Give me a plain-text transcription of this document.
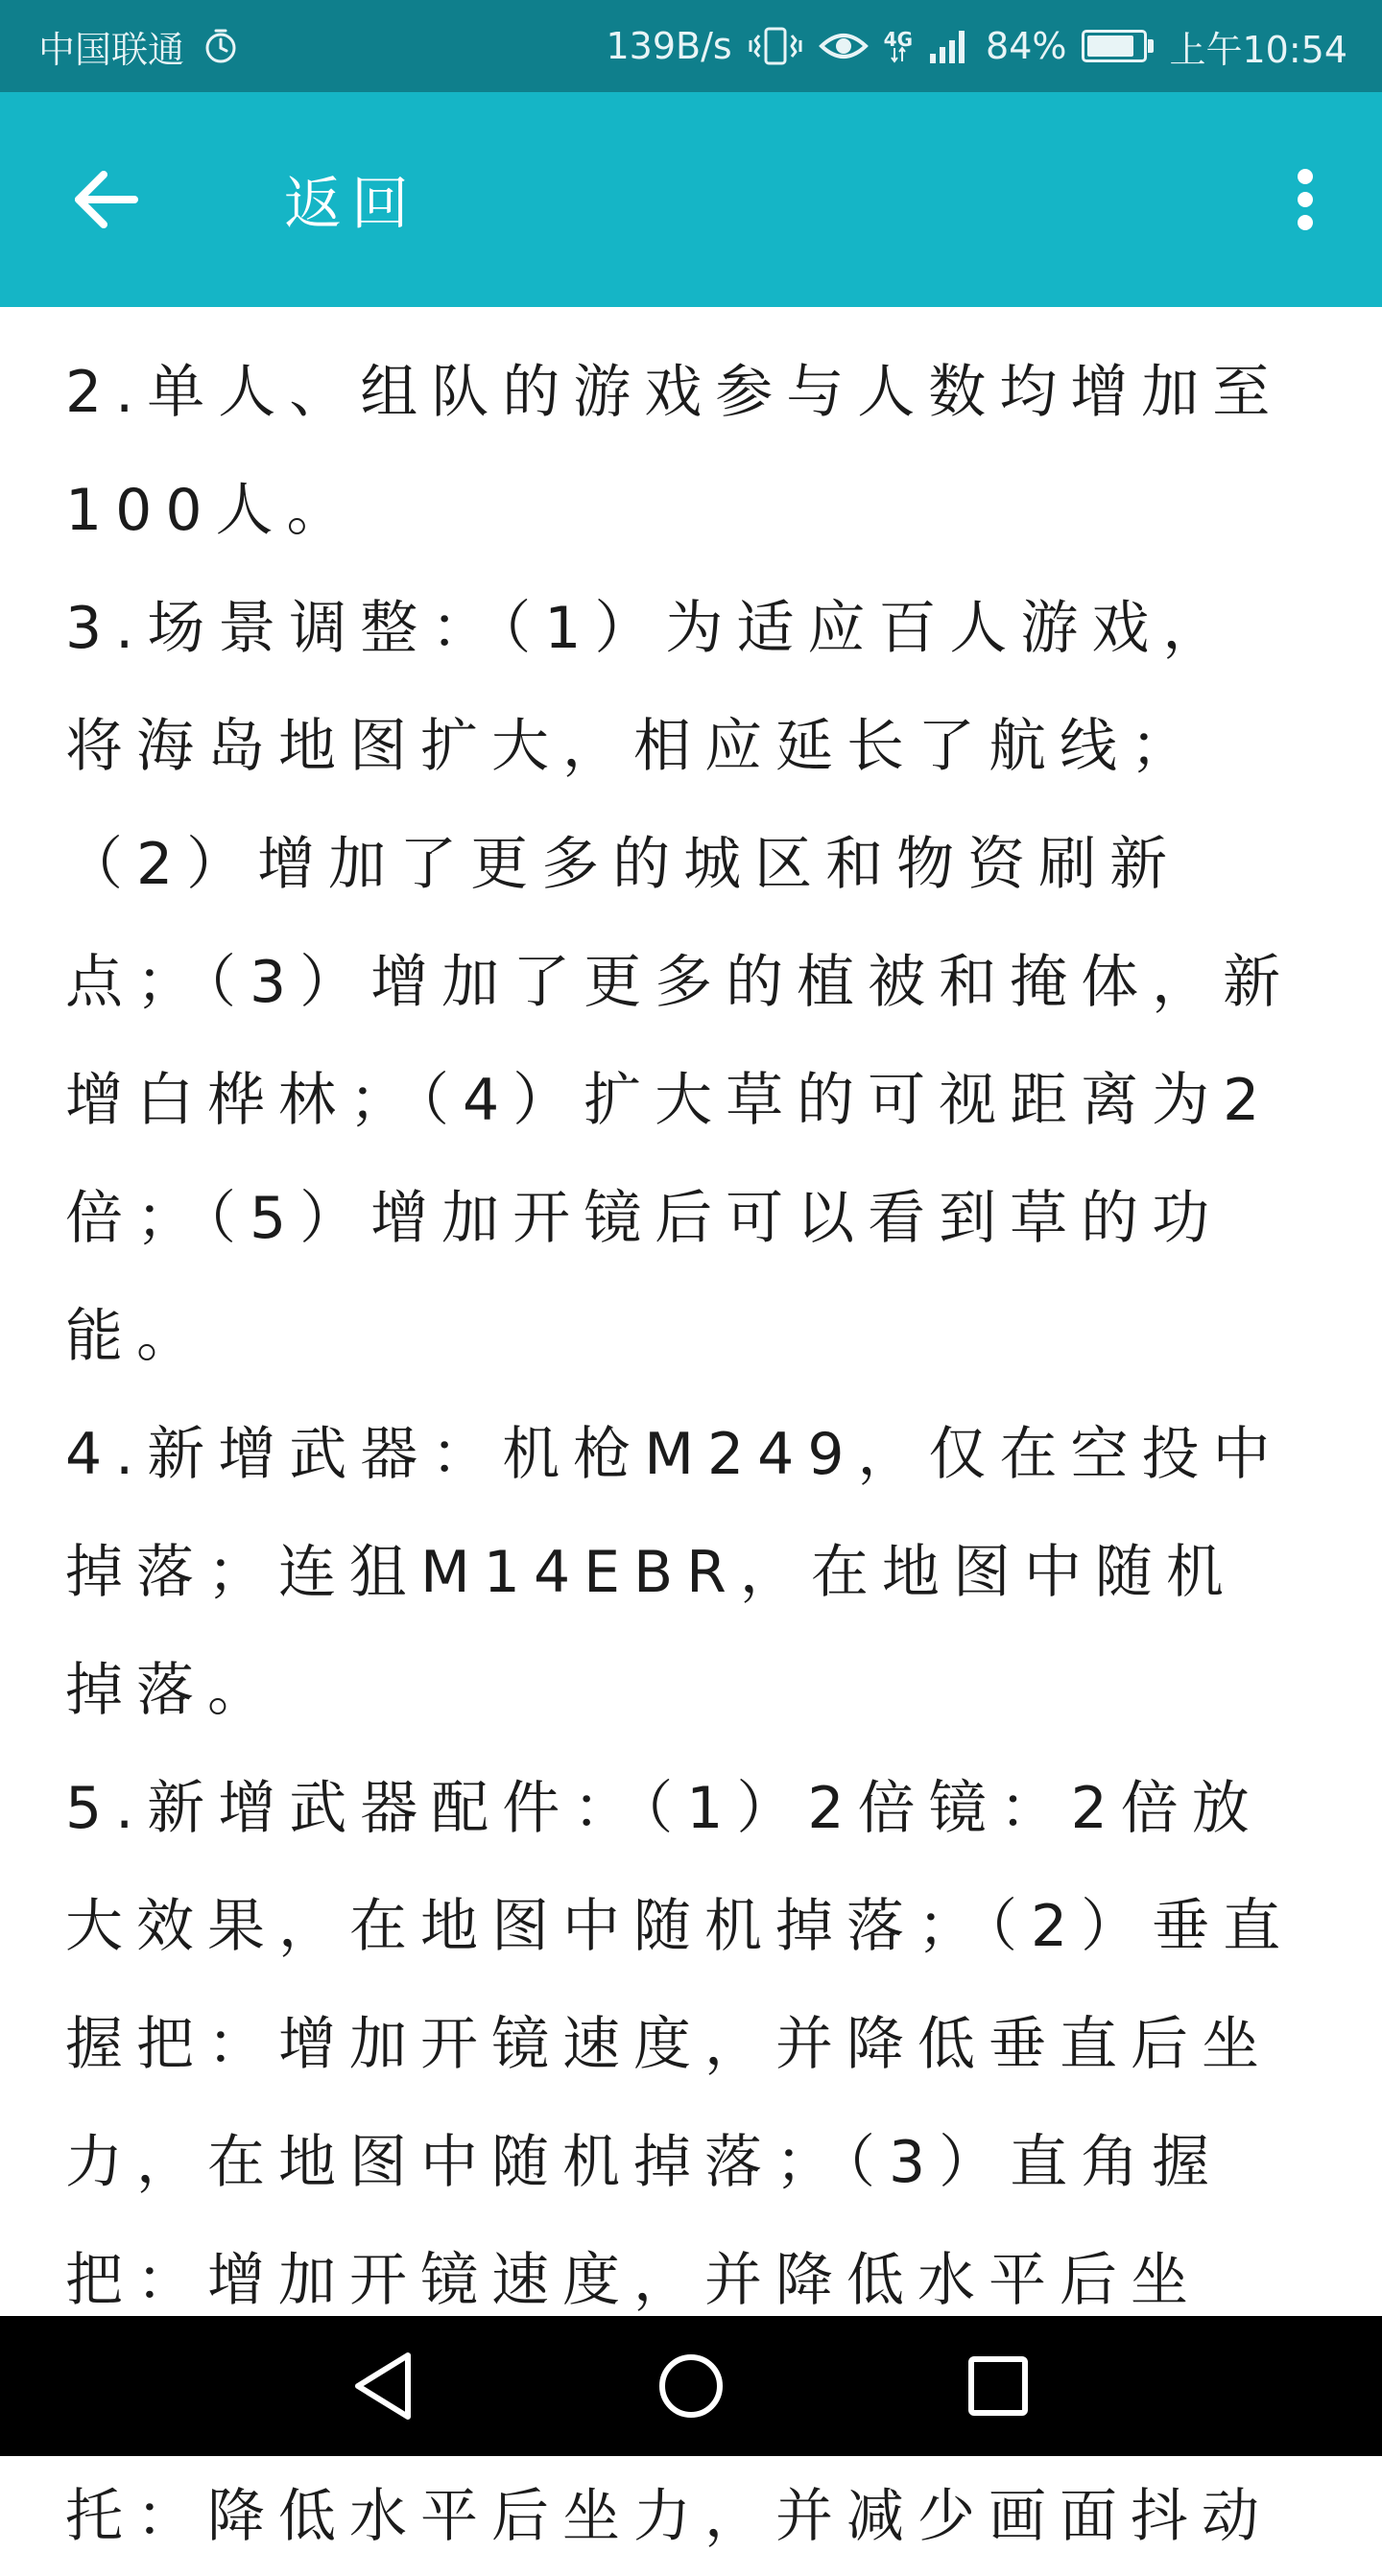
中国联通	139B/s	4G 84%	上午10:54
返回

2.单人、组队的游戏参与人数均增加至100人。

3.场景调整：（1）为适应百人游戏，将海岛地图扩大，相应延长了航线；（2）增加了更多的城区和物资刷新点；（3）增加了更多的植被和掩体，新增白桦林；（4）扩大草的可视距离为2倍；（5）增加开镜后可以看到草的功能。

4.新增武器：机枪M249，仅在空投中掉落；连狙M14EBR，在地图中随机掉落。

5.新增武器配件：（1）2倍镜：2倍放大效果，在地图中随机掉落；（2）垂直握把：增加开镜速度，并降低垂直后坐力，在地图中随机掉落；（3）直角握把：增加开镜速度，并降低水平后坐 托：降低水平后坐力，并减少画面抖动
